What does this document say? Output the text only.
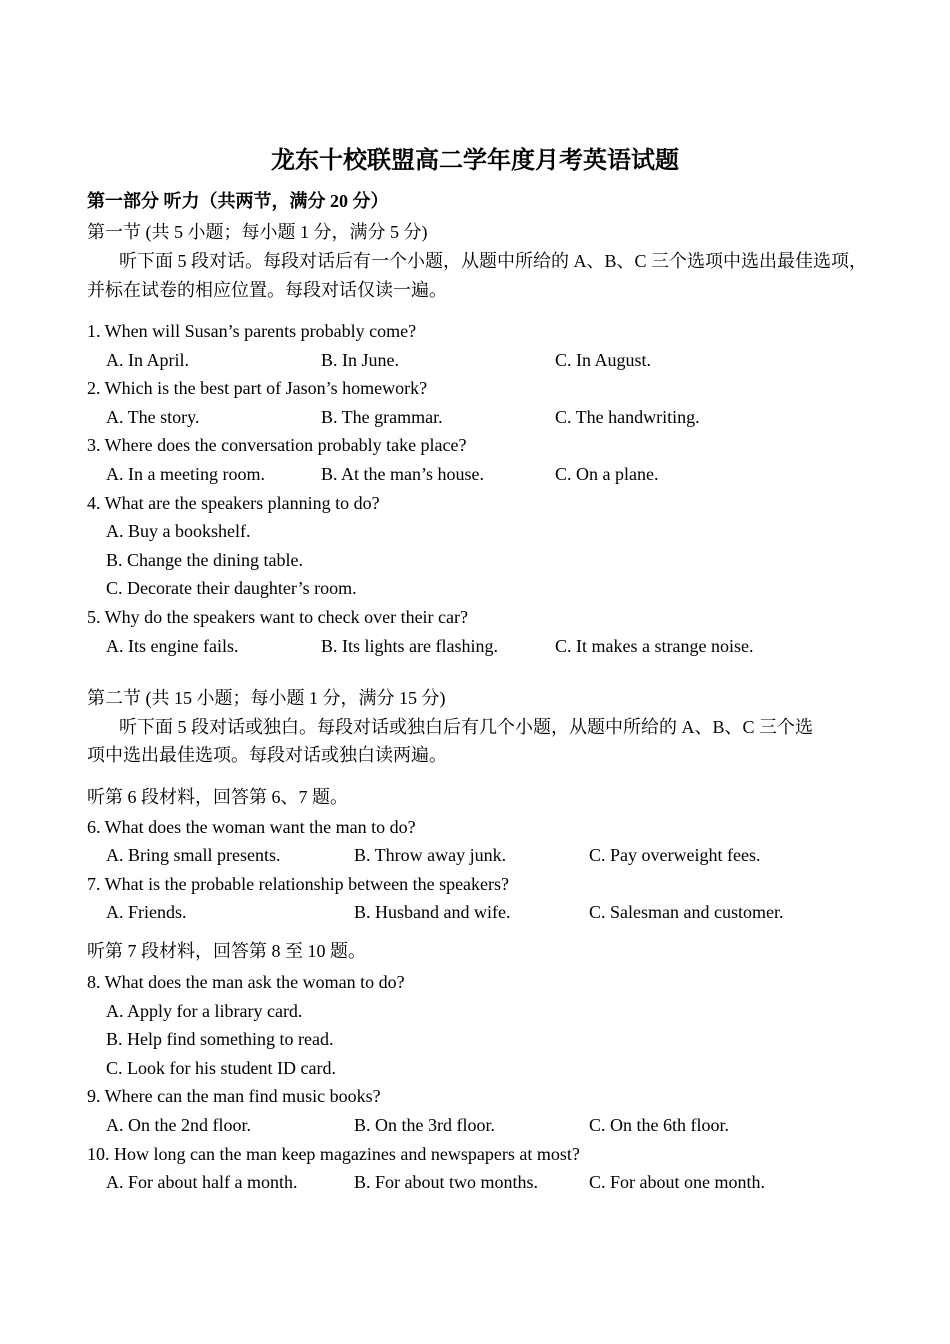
龙东十校联盟高二学年度月考英语试题
第一部分 听力（共两节，满分 20 分）
第一节 (共 5 小题；每小题 1 分，满分 5 分)
听下面 5 段对话。每段对话后有一个小题，从题中所给的 A、B、C 三个选项中选出最佳选项，
并标在试卷的相应位置。每段对话仅读一遍。
1. When will Susan’s parents probably come?
A. In April.	B. In June.	C. In August.
2. Which is the best part of Jason’s homework?
A. The story.	B. The grammar.	C. The handwriting.
3. Where does the conversation probably take place?
A. In a meeting room.	B. At the man’s house.	C. On a plane.
4. What are the speakers planning to do?
A. Buy a bookshelf.
B. Change the dining table.
C. Decorate their daughter’s room.
5. Why do the speakers want to check over their car?
A. Its engine fails.	B. Its lights are flashing.	C. It makes a strange noise.
第二节 (共 15 小题；每小题 1 分，满分 15 分)
听下面 5 段对话或独白。每段对话或独白后有几个小题，从题中所给的 A、B、C 三个选
项中选出最佳选项。每段对话或独白读两遍。
听第 6 段材料，回答第 6、7 题。
6. What does the woman want the man to do?
A. Bring small presents.	B. Throw away junk.	C. Pay overweight fees.
7. What is the probable relationship between the speakers?
A. Friends.	B. Husband and wife.	C. Salesman and customer.
听第 7 段材料，回答第 8 至 10 题。
8. What does the man ask the woman to do?
A. Apply for a library card.
B. Help find something to read.
C. Look for his student ID card.
9. Where can the man find music books?
A. On the 2nd floor.	B. On the 3rd floor.	C. On the 6th floor.
10. How long can the man keep magazines and newspapers at most?
A. For about half a month.	B. For about two months.	C. For about one month.
